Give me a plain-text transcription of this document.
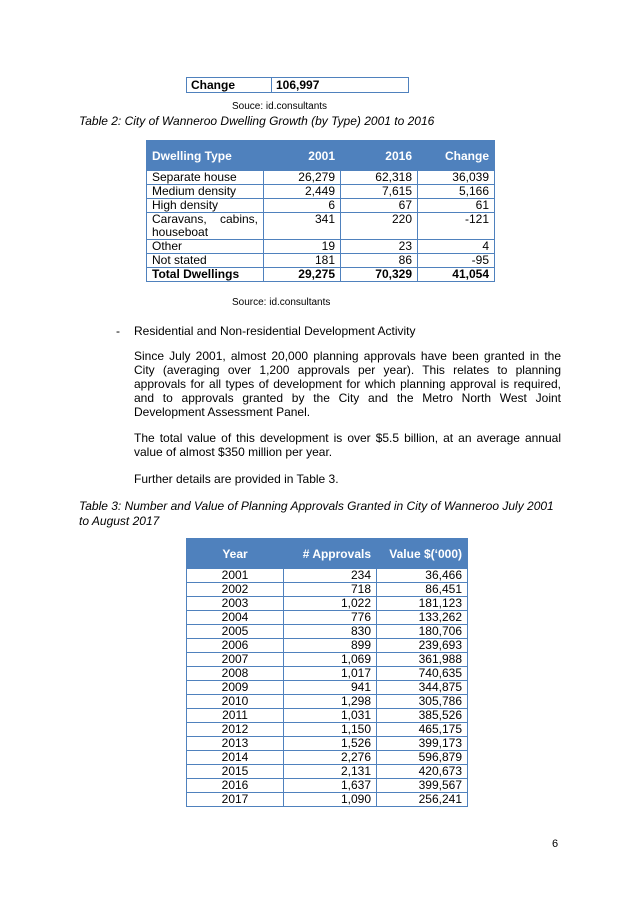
Change	106,997
Souce: id.consultants
Table 2: City of Wanneroo Dwelling Growth (by Type) 2001 to 2016
Dwelling Type	2001	2016	Change
Separate house	26,279	62,318	36,039
Medium density	2,449	7,615	5,166
High density	6	67	61
Caravans, cabins, houseboat	341	220	-121
Other	19	23	4
Not stated	181	86	-95
Total Dwellings	29,275	70,329	41,054
Source: id.consultants
- Residential and Non-residential Development Activity
Since July 2001, almost 20,000 planning approvals have been granted in the City (averaging over 1,200 approvals per year). This relates to planning approvals for all types of development for which planning approval is required, and to approvals granted by the City and the Metro North West Joint Development Assessment Panel.
The total value of this development is over $5.5 billion, at an average annual value of almost $350 million per year.
Further details are provided in Table 3.
Table 3: Number and Value of Planning Approvals Granted in City of Wanneroo July 2001 to August 2017
Year	# Approvals	Value $(‘000)
2001	234	36,466
2002	718	86,451
2003	1,022	181,123
2004	776	133,262
2005	830	180,706
2006	899	239,693
2007	1,069	361,988
2008	1,017	740,635
2009	941	344,875
2010	1,298	305,786
2011	1,031	385,526
2012	1,150	465,175
2013	1,526	399,173
2014	2,276	596,879
2015	2,131	420,673
2016	1,637	399,567
2017	1,090	256,241
6
